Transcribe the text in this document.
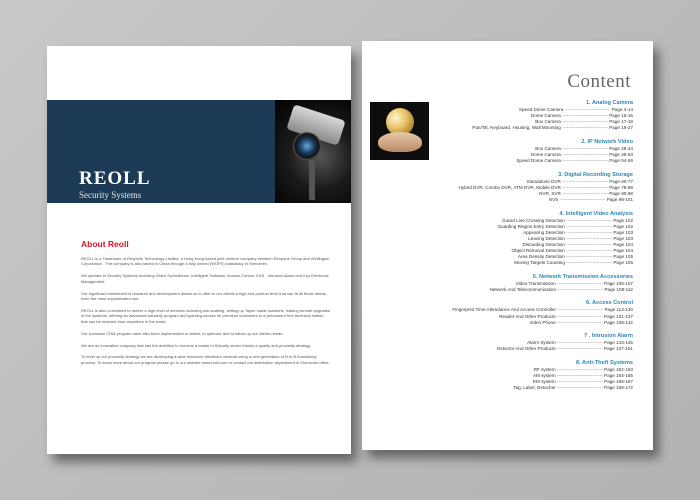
REOLL
Security Systems
About Reoll

REOLL is a Trademark of Reopshe Technology Limited, a Hong Kong based joint-venture company between Reopshe Group and Wellington Corporation . The company is also based in China through a fully owned (WOFE) subsidiary in Shenzhen.

We operate in Security Systems including Video Surveillance, Intelligent Software, Access Control, EAS , Intrusion Alarm and Key Electronic Management.

Our significant investment in research and development allows us to offer to our clients a high end product level that can fit all those needs, even the most sophisticated one.

REOLL is also committed to deliver a high level of services including risk auditing, setting up Taylor made solutions, making remote upgrades of the systems, offering an advanced warranty program and granting access for premium customers to a permanent free technical hotline that can be reached from anywhere in the world.

Our exclusive CRM program have also been implemented to detect, to optimize and to follow up our clients needs.

We are an innovative company that has the ambition to become a leader in Security sector thanks a quality and proximity strategy.

To level up our proximity strategy we are developing a wide exclusive distributor network using a new generation of B to B franchising process. To know more about our program please go to our website www.reoll.com or contact our distribution department in Shenzhen office.

Content
1. Analog Camera
Speed Dome Camera ------------------------------ Page 4-14
Dome Camera ------------------------------ Page 15-16
Box Camera ------------------------------ Page 17-18
Pan/Tilt, Keyboard, Housing, Wall Mounting ------------------------------ Page 19-27
2. IP Network Video
Box Camera ------------------------------ Page 28-44
Dome Camera ------------------------------ Page 45-53
Speed Dome Camera ------------------------------ Page 54-59
3. Digital Recording Storage
Standalone DVR ------------------------------ Page 60-77
Hybrid DVR, Combo DVR, ATM DVR, Mobile DVR ------------------------------ Page 78-89
NVR, SVR ------------------------------ Page 90-98
NVS ------------------------------ Page 99-101
4. Intelligent Video Analysis
Guard Line Crossing Detection ------------------------------ Page 102
Guarding Region Entry Detection ------------------------------ Page 102
Appearing Detection ------------------------------ Page 103
Leaving Detection ------------------------------ Page 103
Discarding Detection ------------------------------ Page 104
Object Removal Detection ------------------------------ Page 104
Area Density Detection ------------------------------ Page 105
Moving Targets Counting ------------------------------ Page 105
5. Network Transmission Accessories
Video Transmission ------------------------------ Page 106-107
Network And Telecommunication ------------------------------ Page 108-112
6. Access Control
Fingerprint Time Attendance And Access Controller ------------------------------ Page 113-130
Reader And Other Products ------------------------------ Page 131-137
Video Phone ------------------------------ Page 138-142
7 . Intrusion Alarm
Alarm System ------------------------------ Page 143-145
Detector And Other Products ------------------------------ Page 147-151
8. Anti-Theft Systems
RF system ------------------------------ Page 152-163
AM system ------------------------------ Page 164-165
EM system ------------------------------ Page 166-167
Tag, Label, Detacher ------------------------------ Page 168-172
